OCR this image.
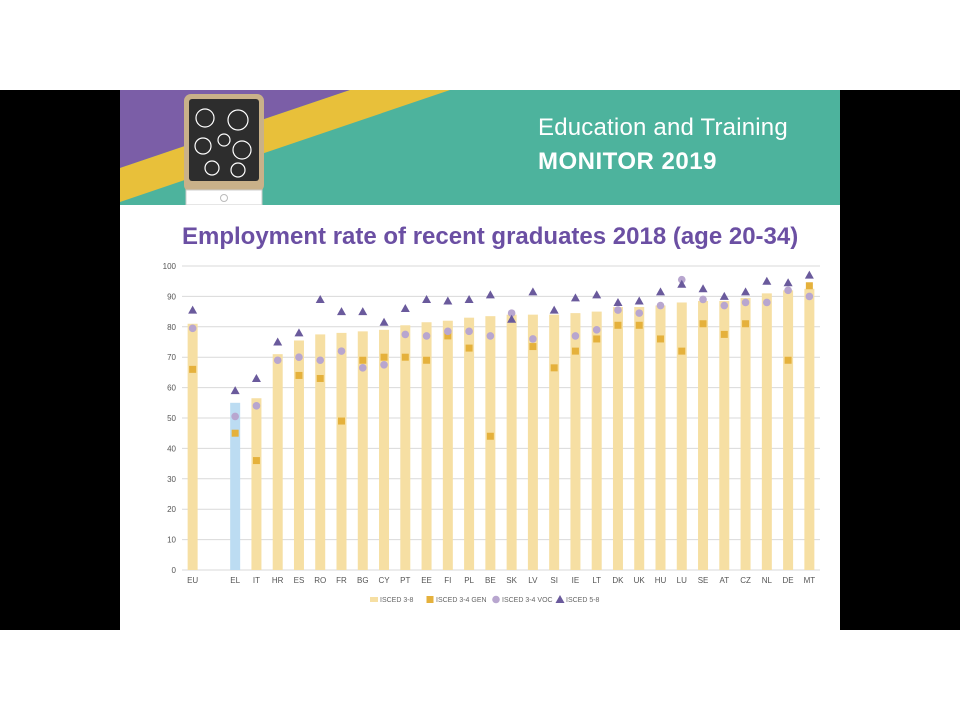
Education and Training
MONITOR 2019
Employment rate of recent graduates 2018 (age 20-34)
0
10
20
30
40
50
60
70
80
90
100
EU	EL IT HR ES RO FR BG CY PT EE FI PL BE SK LV SI IE LT DK UK HU LU SE AT CZ NL DE MT
ISCED 3-8	ISCED 3-4 GEN ISCED 3-4 VOC ISCED 5-8
